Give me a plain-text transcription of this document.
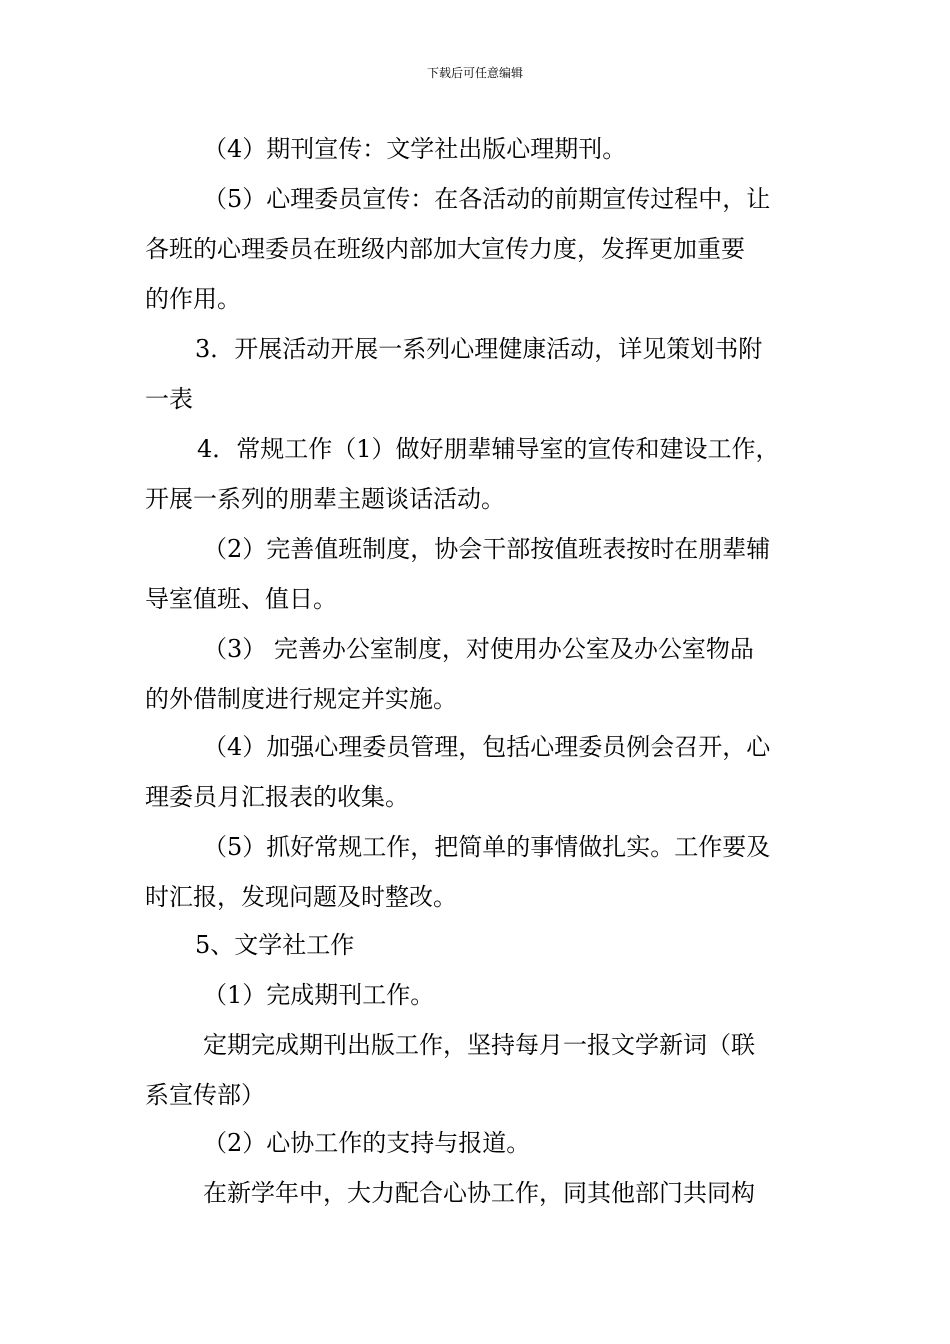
下载后可任意编辑
（4）期刊宣传：文学社出版心理期刊。
（5）心理委员宣传：在各活动的前期宣传过程中，让
各班的心理委员在班级内部加大宣传力度，发挥更加重要
的作用。
3．开展活动开展一系列心理健康活动，详见策划书附
一表
4．常规工作（1）做好朋辈辅导室的宣传和建设工作，
开展一系列的朋辈主题谈话活动。
（2）完善值班制度，协会干部按值班表按时在朋辈辅
导室值班、值日。
（3） 完善办公室制度，对使用办公室及办公室物品
的外借制度进行规定并实施。
（4）加强心理委员管理，包括心理委员例会召开，心
理委员月汇报表的收集。
（5）抓好常规工作，把简单的事情做扎实。工作要及
时汇报，发现问题及时整改。
5、文学社工作
（1）完成期刊工作。
定期完成期刊出版工作，坚持每月一报文学新词（联
系宣传部）
（2）心协工作的支持与报道。
在新学年中，大力配合心协工作，同其他部门共同构
